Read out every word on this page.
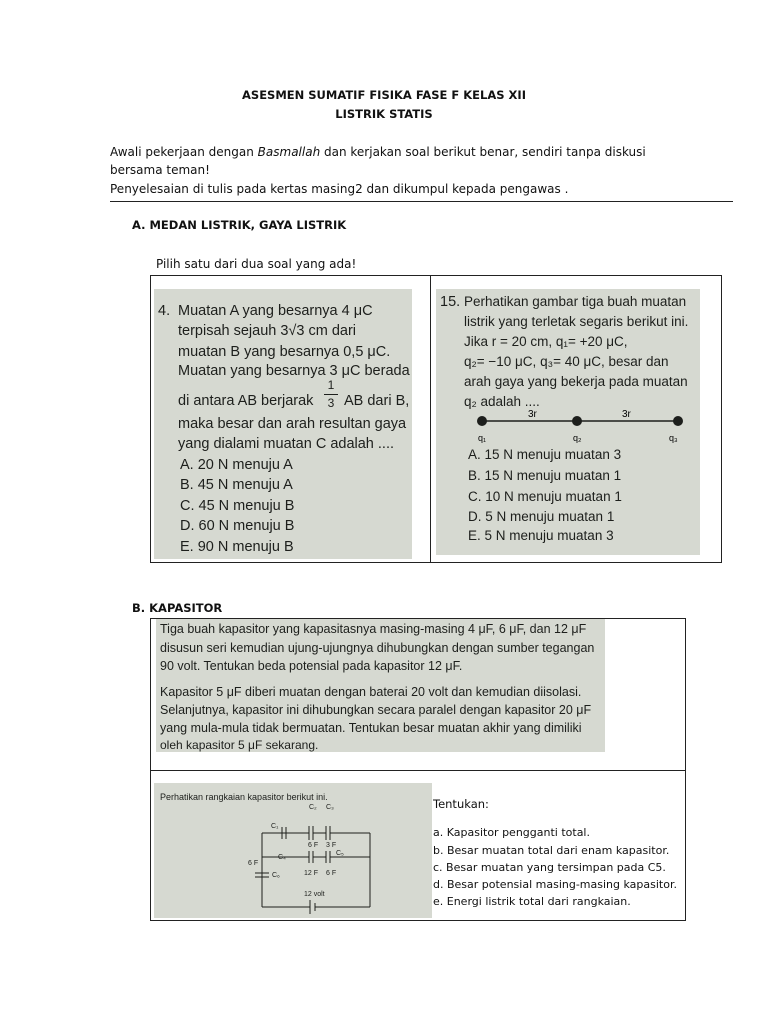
ASESMEN SUMATIF FISIKA FASE F KELAS XII
LISTRIK STATIS
Awali pekerjaan dengan Basmallah dan kerjakan soal berikut benar, sendiri tanpa diskusi
bersama teman!
Penyelesaian di tulis pada kertas masing2 dan dikumpul kepada pengawas .
A. MEDAN LISTRIK, GAYA LISTRIK
Pilih satu dari dua soal yang ada!
4. Muatan A yang besarnya 4 μC
terpisah sejauh 3√3 cm dari
muatan B yang besarnya 0,5 μC.
Muatan yang besarnya 3 μC berada
di antara AB berjarak
1
3 AB dari B,
maka besar dan arah resultan gaya
yang dialami muatan C adalah ....
A. 20 N menuju A
B. 45 N menuju A
C. 45 N menuju B
D. 60 N menuju B
E. 90 N menuju B
15. Perhatikan gambar tiga buah muatan
listrik yang terletak segaris berikut ini.
Jika r = 20 cm, q₁= +20 μC,
q₂= −10 μC, q₃= 40 μC, besar dan
arah gaya yang bekerja pada muatan
q₂ adalah ....
3r	3r
q₁	q₂	q₃
A. 15 N menuju muatan 3
B. 15 N menuju muatan 1
C. 10 N menuju muatan 1
D. 5 N menuju muatan 1
E. 5 N menuju muatan 3
B. KAPASITOR
Tiga buah kapasitor yang kapasitasnya masing-masing 4 μF, 6 μF, dan 12 μF
disusun seri kemudian ujung-ujungnya dihubungkan dengan sumber tegangan
90 volt. Tentukan beda potensial pada kapasitor 12 μF.
Kapasitor 5 μF diberi muatan dengan baterai 20 volt dan kemudian diisolasi.
Selanjutnya, kapasitor ini dihubungkan secara paralel dengan kapasitor 20 μF
yang mula-mula tidak bermuatan. Tentukan besar muatan akhir yang dimiliki
oleh kapasitor 5 μF sekarang.
Perhatikan rangkaian kapasitor berikut ini.
C₂ C₃
C₁
6 F 3 F
C₄
C₅
6 F
12 F 6 F
C₆
12 volt
Tentukan:
a. Kapasitor pengganti total.
b. Besar muatan total dari enam kapasitor.
c. Besar muatan yang tersimpan pada C5.
d. Besar potensial masing-masing kapasitor.
e. Energi listrik total dari rangkaian.
